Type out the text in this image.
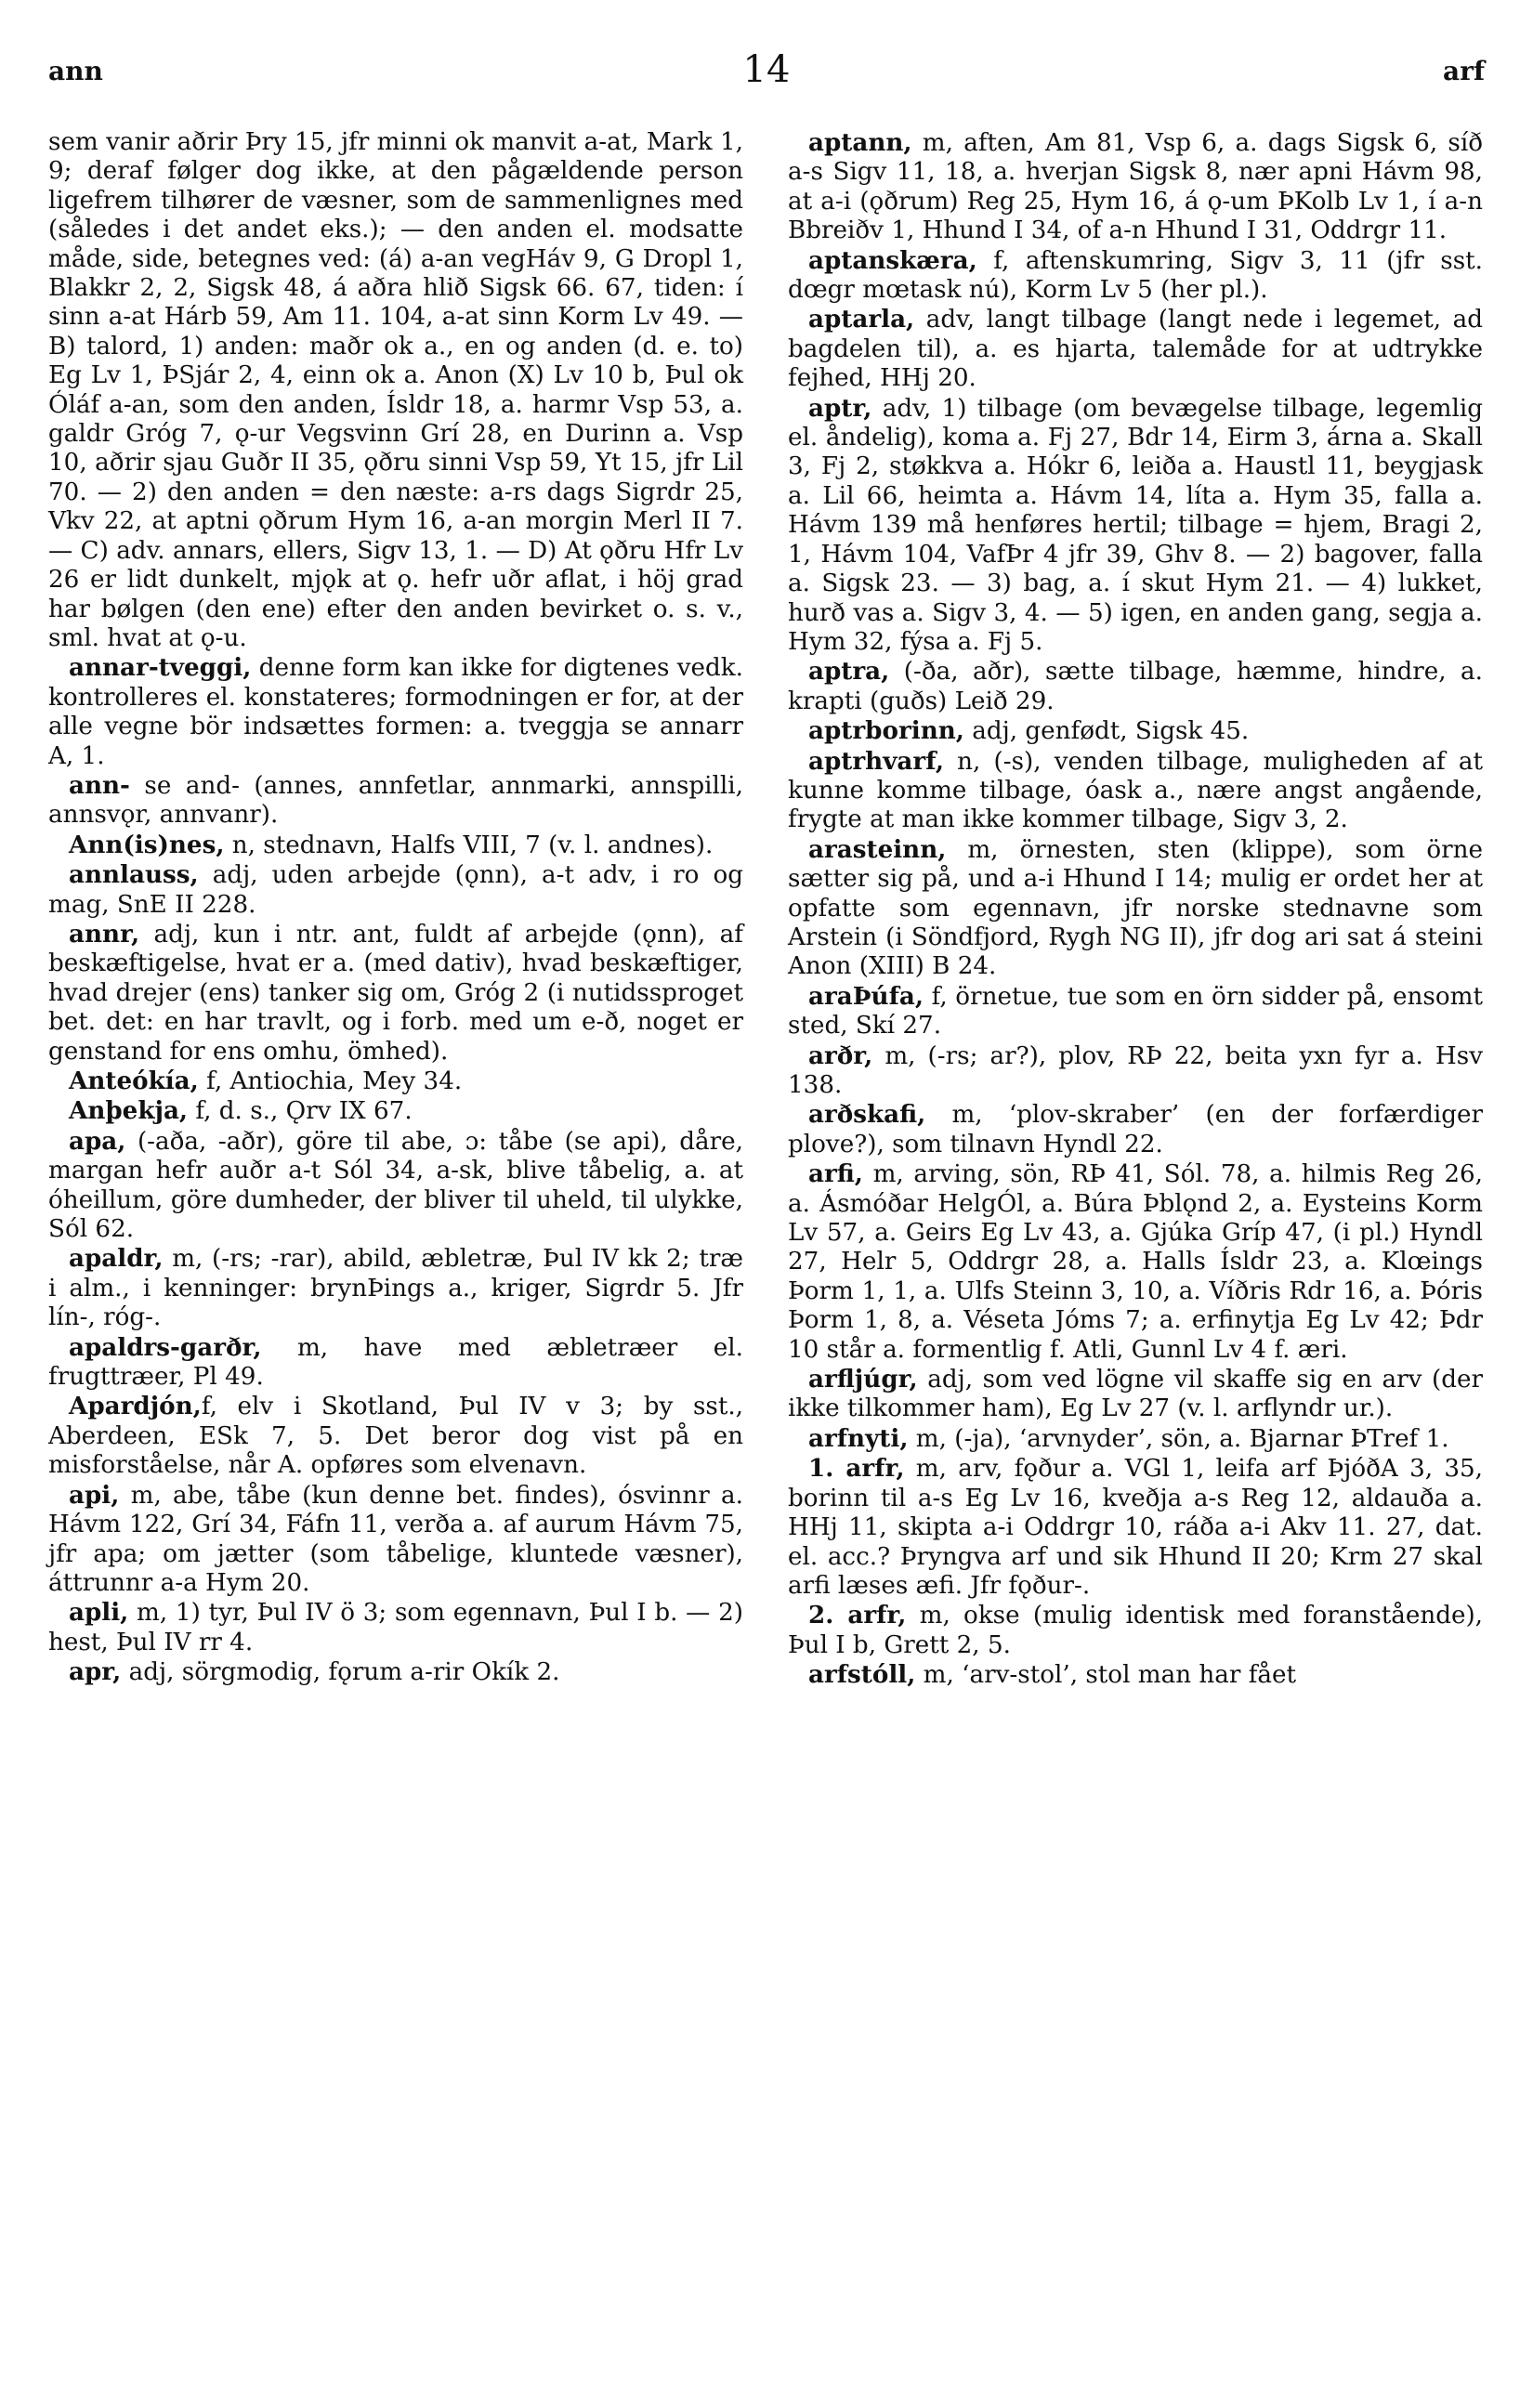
ann	14	arf

sem vanir aðrir Þry 15, jfr minni ok manvit a-at, Mark 1, 9; deraf følger dog ikke, at den pågældende person ligefrem tilhører de væsner, som de sammenlignes med (således i det andet eks.); — den anden el. modsatte måde, side, betegnes ved: (á) a-an vegHáv 9, G Dropl 1, Blakkr 2, 2, Sigsk 48, á aðra hlið Sigsk 66. 67, tiden: í sinn a-at Hárb 59, Am 11. 104, a-at sinn Korm Lv 49. — B) talord, 1) anden: maðr ok a., en og anden (d. e. to) Eg Lv 1, ÞSjár 2, 4, einn ok a. Anon (X) Lv 10 b, Þul ok Óláf a-an, som den anden, Ísldr 18, a. harmr Vsp 53, a. galdr Gróg 7, ǫ-ur Vegsvinn Grí 28, en Durinn a. Vsp 10, aðrir sjau Guðr II 35, ǫðru sinni Vsp 59, Yt 15, jfr Lil 70. — 2) den anden = den næste: a-rs dags Sigrdr 25, Vkv 22, at aptni ǫðrum Hym 16, a-an morgin Merl II 7. — C) adv. annars, ellers, Sigv 13, 1. — D) At ǫðru Hfr Lv 26 er lidt dunkelt, mjǫk at ǫ. hefr uðr aflat, i höj grad har bølgen (den ene) efter den anden bevirket o. s. v., sml. hvat at ǫ-u.

annar-tveggi, denne form kan ikke for digtenes vedk. kontrolleres el. konstateres; formodningen er for, at der alle vegne bör indsættes formen: a. tveggja se annarr A, 1.

ann- se and- (annes, annfetlar, annmarki, annspilli, annsvǫr, annvanr).

Ann(is)nes, n, stednavn, Halfs VIII, 7 (v. l. andnes).

annlauss, adj, uden arbejde (ǫnn), a-t adv, i ro og mag, SnE II 228.

annr, adj, kun i ntr. ant, fuldt af arbejde (ǫnn), af beskæftigelse, hvat er a. (med dativ), hvad beskæftiger, hvad drejer (ens) tanker sig om, Gróg 2 (i nutidssproget bet. det: en har travlt, og i forb. med um e-ð, noget er genstand for ens omhu, ömhed).

Anteókía, f, Antiochia, Mey 34.

Anþekja, f, d. s., Ǫrv IX 67.

apa, (-aða, -aðr), göre til abe, ɔ: tåbe (se api), dåre, margan hefr auðr a-t Sól 34, a-sk, blive tåbelig, a. at óheillum, göre dumheder, der bliver til uheld, til ulykke, Sól 62.

apaldr, m, (-rs; -rar), abild, æbletræ, Þul IV kk 2; træ i alm., i kenninger: brynÞings a., kriger, Sigrdr 5. Jfr lín-, róg-.

apaldrs-garðr, m, have med æbletræer el. frugttræer, Pl 49.

Apardjón,f, elv i Skotland, Þul IV v 3; by sst., Aberdeen, ESk 7, 5. Det beror dog vist på en misforståelse, når A. opføres som elvenavn.

api, m, abe, tåbe (kun denne bet. findes), ósvinnr a. Hávm 122, Grí 34, Fáfn 11, verða a. af aurum Hávm 75, jfr apa; om jætter (som tåbelige, kluntede væsner), áttrunnr a-a Hym 20.

apli, m, 1) tyr, Þul IV ö 3; som egennavn, Þul I b. — 2) hest, Þul IV rr 4.

apr, adj, sörgmodig, fǫrum a-rir Okík 2.

aptann, m, aften, Am 81, Vsp 6, a. dags Sigsk 6, síð a-s Sigv 11, 18, a. hverjan Sigsk 8, nær apni Hávm 98, at a-i (ǫðrum) Reg 25, Hym 16, á ǫ-um ÞKolb Lv 1, í a-n Bbreiðv 1, Hhund I 34, of a-n Hhund I 31, Oddrgr 11.

aptanskæra, f, aftenskumring, Sigv 3, 11 (jfr sst. dœgr mœtask nú), Korm Lv 5 (her pl.).

aptarla, adv, langt tilbage (langt nede i legemet, ad bagdelen til), a. es hjarta, talemåde for at udtrykke fejhed, HHj 20.

aptr, adv, 1) tilbage (om bevægelse tilbage, legemlig el. åndelig), koma a. Fj 27, Bdr 14, Eirm 3, árna a. Skall 3, Fj 2, støkkva a. Hókr 6, leiða a. Haustl 11, beygjask a. Lil 66, heimta a. Hávm 14, líta a. Hym 35, falla a. Hávm 139 må henføres hertil; tilbage = hjem, Bragi 2, 1, Hávm 104, VafÞr 4 jfr 39, Ghv 8. — 2) bagover, falla a. Sigsk 23. — 3) bag, a. í skut Hym 21. — 4) lukket, hurð vas a. Sigv 3, 4. — 5) igen, en anden gang, segja a. Hym 32, fýsa a. Fj 5.

aptra, (-ða, aðr), sætte tilbage, hæmme, hindre, a. krapti (guðs) Leið 29.

aptrborinn, adj, genfødt, Sigsk 45.

aptrhvarf, n, (-s), venden tilbage, muligheden af at kunne komme tilbage, óask a., nære angst angående, frygte at man ikke kommer tilbage, Sigv 3, 2.

arasteinn, m, örnesten, sten (klippe), som örne sætter sig på, und a-i Hhund I 14; mulig er ordet her at opfatte som egennavn, jfr norske stednavne som Arstein (i Söndfjord, Rygh NG II), jfr dog ari sat á steini Anon (XIII) B 24.

araÞúfa, f, örnetue, tue som en örn sidder på, ensomt sted, Skí 27.

arðr, m, (-rs; ar?), plov, RÞ 22, beita yxn fyr a. Hsv 138.

arðskafi, m, ‘plov-skraber’ (en der forfærdiger plove?), som tilnavn Hyndl 22.

arfi, m, arving, sön, RÞ 41, Sól. 78, a. hilmis Reg 26, a. Ásmóðar HelgÓl, a. Búra Þblǫnd 2, a. Eysteins Korm Lv 57, a. Geirs Eg Lv 43, a. Gjúka Gríp 47, (i pl.) Hyndl 27, Helr 5, Oddrgr 28, a. Halls Ísldr 23, a. Klœings Þorm 1, 1, a. Ulfs Steinn 3, 10, a. Víðris Rdr 16, a. Þóris Þorm 1, 8, a. Véseta Jóms 7; a. erfinytja Eg Lv 42; Þdr 10 står a. formentlig f. Atli, Gunnl Lv 4 f. æri.

arfljúgr, adj, som ved lögne vil skaffe sig en arv (der ikke tilkommer ham), Eg Lv 27 (v. l. arflyndr ur.).

arfnyti, m, (-ja), ‘arvnyder’, sön, a. Bjarnar ÞTref 1.

1. arfr, m, arv, fǫður a. VGl 1, leifa arf ÞjóðA 3, 35, borinn til a-s Eg Lv 16, kveðja a-s Reg 12, aldauða a. HHj 11, skipta a-i Oddrgr 10, ráða a-i Akv 11. 27, dat. el. acc.? Þryngva arf und sik Hhund II 20; Krm 27 skal arfi læses æfi. Jfr fǫður-.

2. arfr, m, okse (mulig identisk med foranstående), Þul I b, Grett 2, 5.

arfstóll, m, ‘arv-stol’, stol man har fået
